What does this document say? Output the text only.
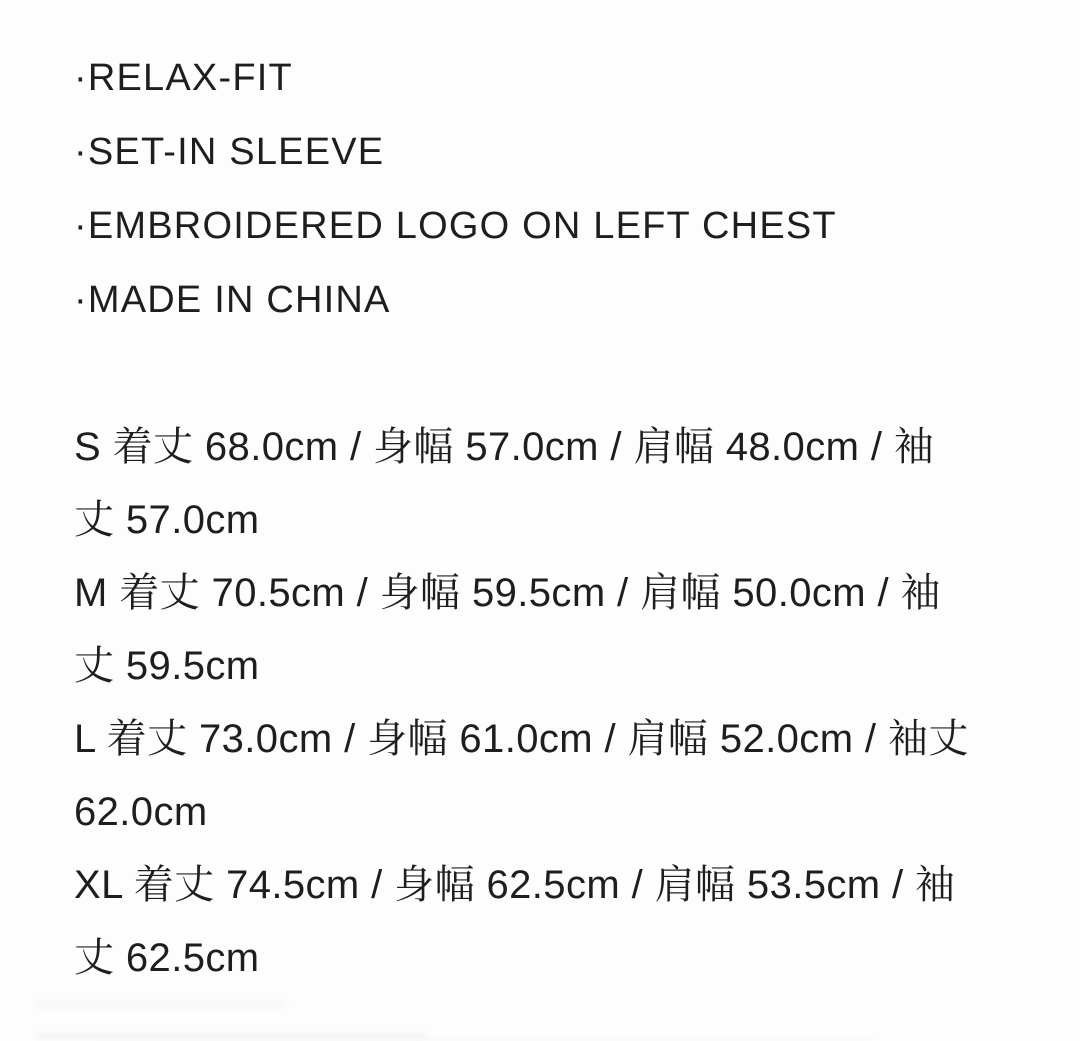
·RELAX-FIT

·SET-IN SLEEVE

·EMBROIDERED LOGO ON LEFT CHEST

·MADE IN CHINA

S 着丈 68.0cm / 身幅 57.0cm / 肩幅 48.0cm / 袖

丈 57.0cm

M 着丈 70.5cm / 身幅 59.5cm / 肩幅 50.0cm / 袖

丈 59.5cm

L 着丈 73.0cm / 身幅 61.0cm / 肩幅 52.0cm / 袖丈

62.0cm

XL 着丈 74.5cm / 身幅 62.5cm / 肩幅 53.5cm / 袖

丈 62.5cm
